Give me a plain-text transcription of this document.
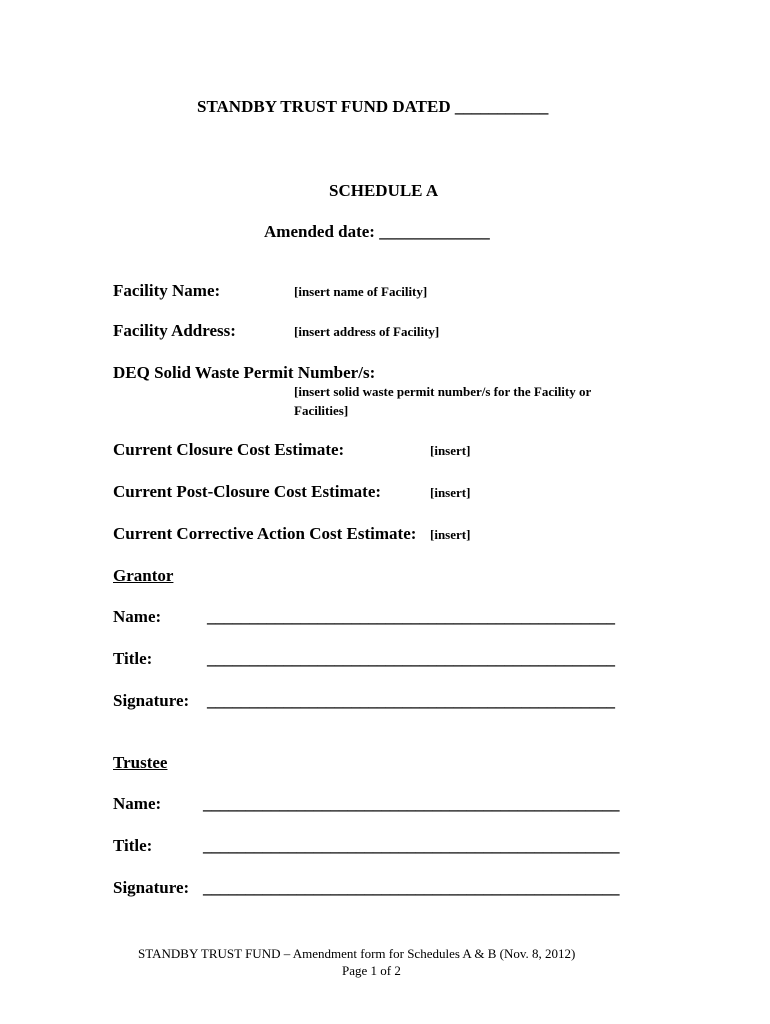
STANDBY TRUST FUND DATED ___________
SCHEDULE A
Amended date: _____________
Facility Name:	[insert name of Facility]
Facility Address:	[insert address of Facility]
DEQ Solid Waste Permit Number/s:
[insert solid waste permit number/s for the Facility or
Facilities]
Current Closure Cost Estimate:	[insert]
Current Post-Closure Cost Estimate:	[insert]
Current Corrective Action Cost Estimate: [insert]
Grantor
Name:	________________________________________________
Title:	________________________________________________
Signature: ________________________________________________
Trustee
Name: _________________________________________________
Title:	_________________________________________________
Signature: _________________________________________________
STANDBY TRUST FUND – Amendment form for Schedules A & B (Nov. 8, 2012)
Page 1 of 2
